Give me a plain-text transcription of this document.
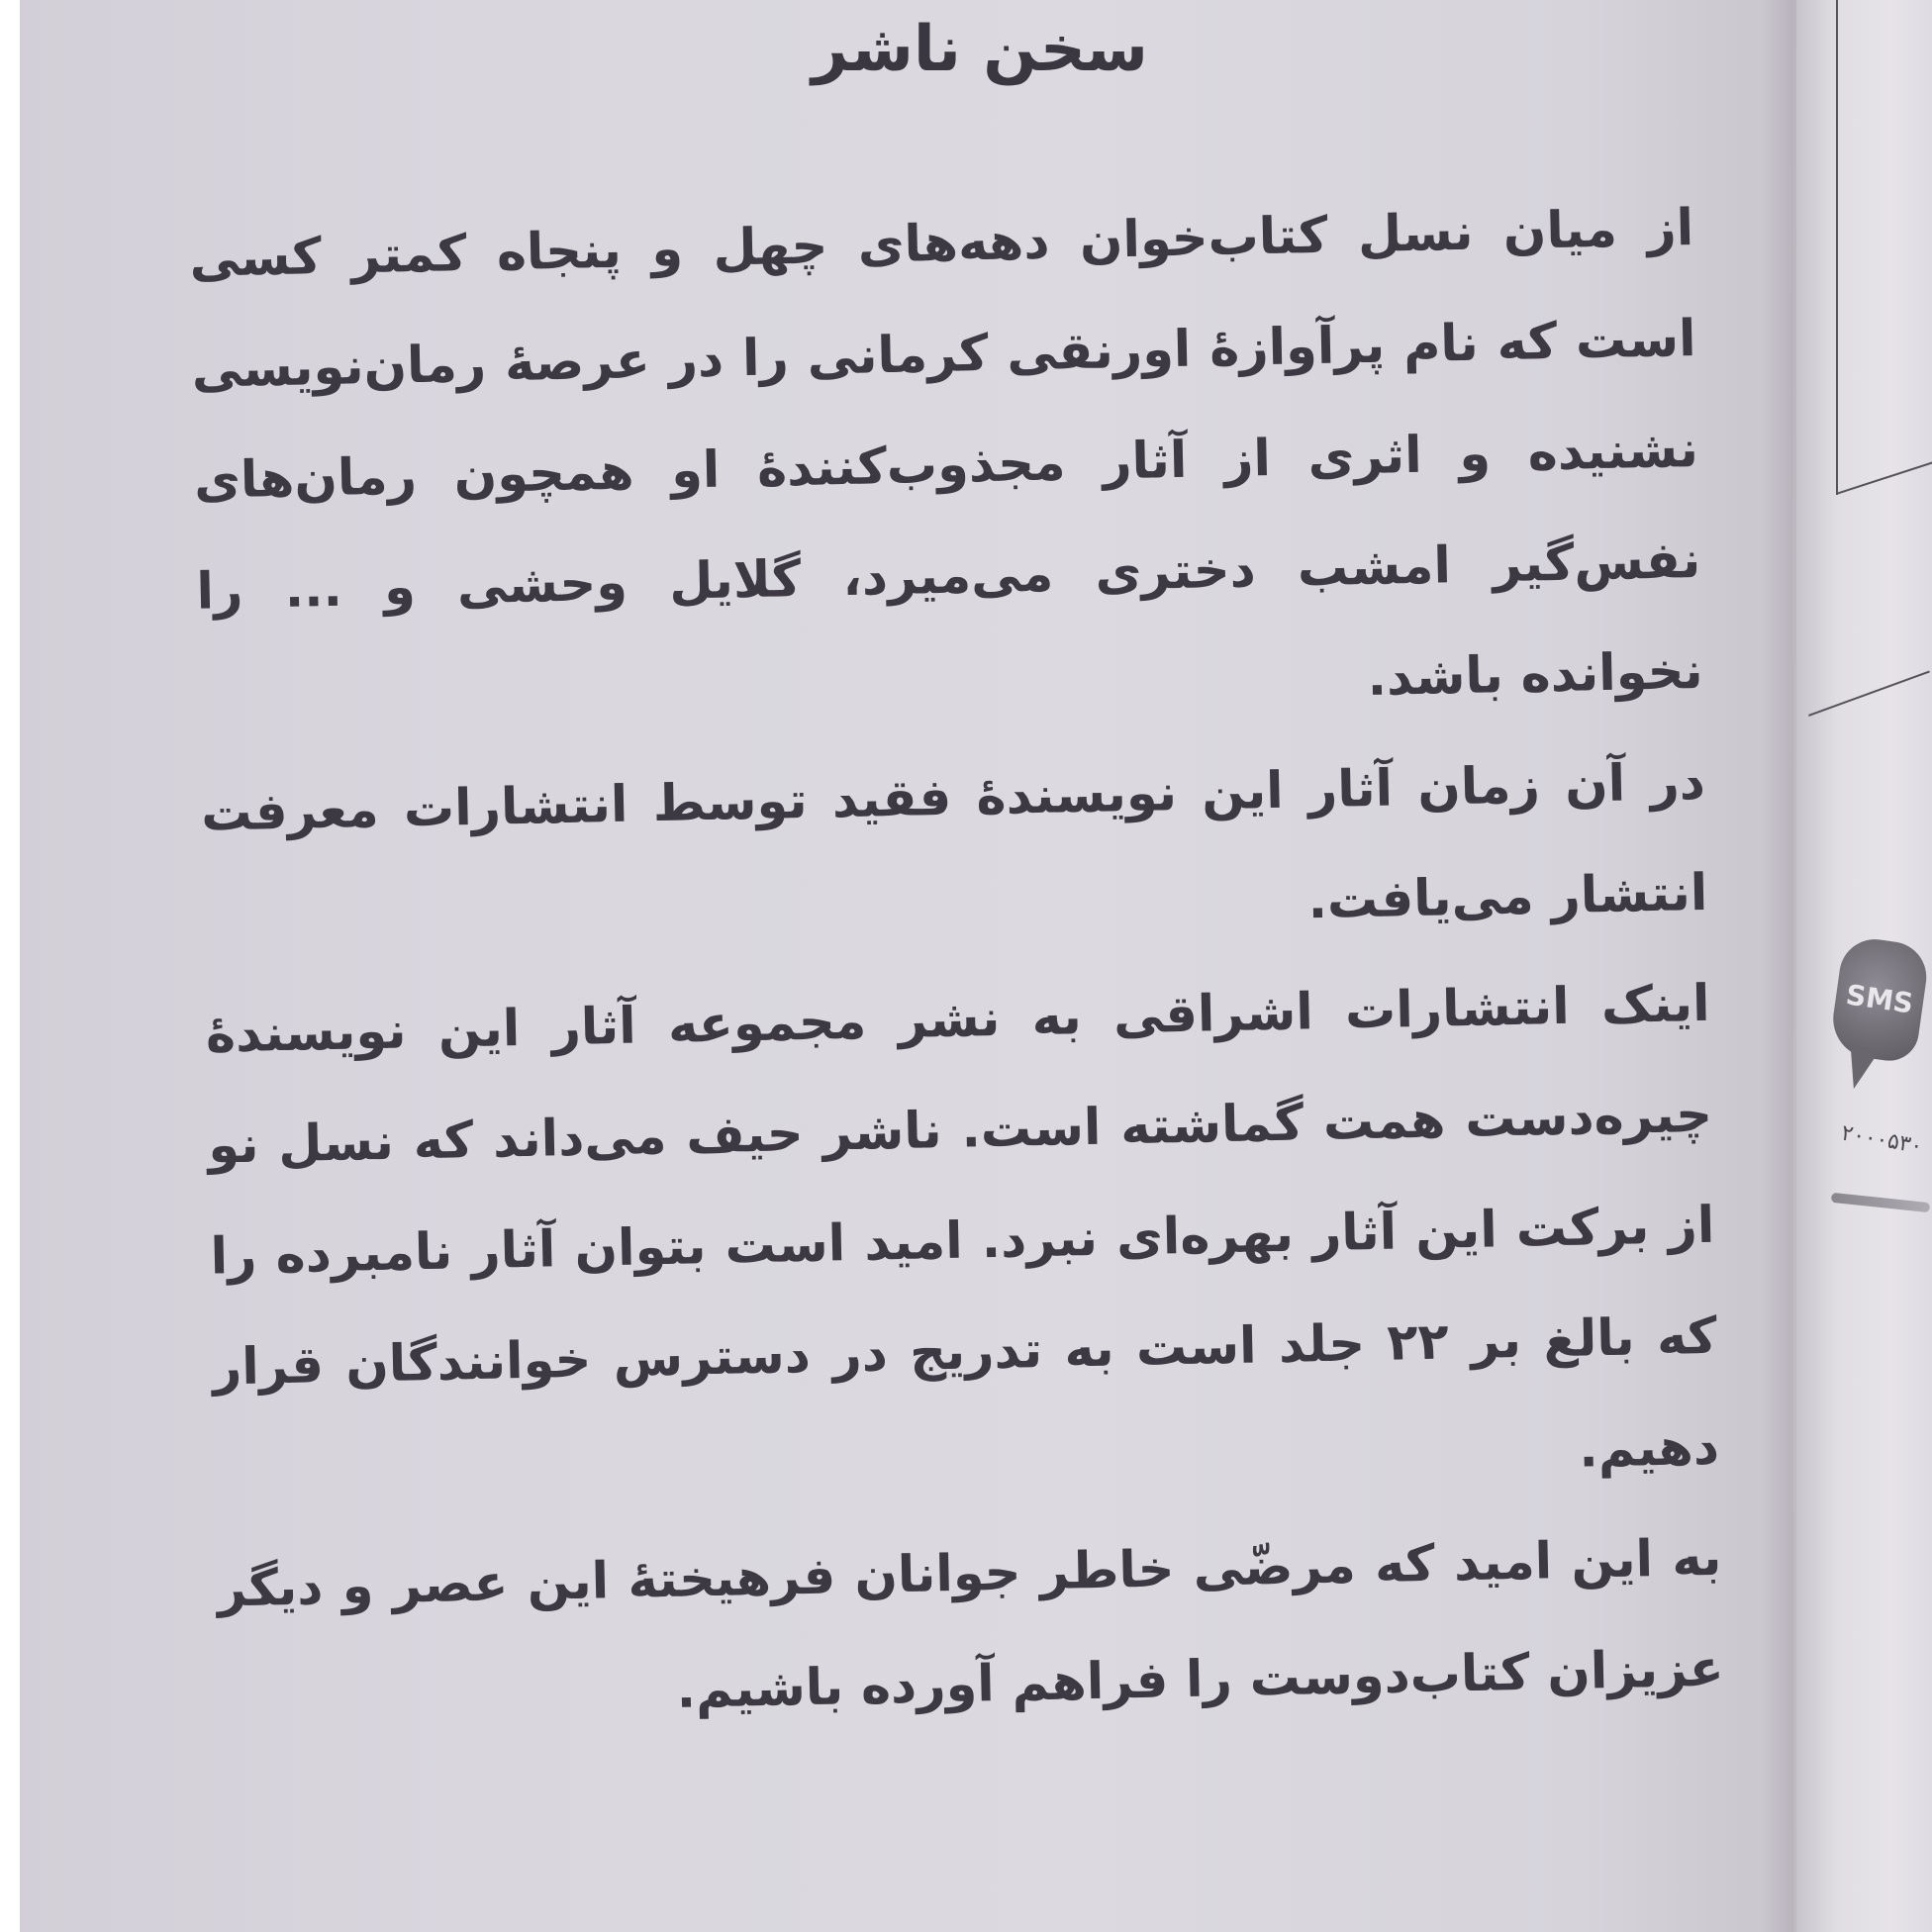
SMS
۲۰۰۰۵۳۰
سخن ناشر

از میان نسل کتاب‌خوان دهه‌های چهل و پنجاه کمتر کسی است که نام پرآوازهٔ اورنقی کرمانی را در عرصهٔ رمان‌نویسی نشنیده و اثری از آثار مجذوب‌کنندهٔ او همچون رمان‌های نفس‌گیر امشب دختری می‌میرد، گلایل وحشی و ... را نخوانده باشد.

در آن زمان آثار این نویسندهٔ فقید توسط انتشارات معرفت انتشار می‌یافت.

اینک انتشارات اشراقی به نشر مجموعه آثار این نویسندهٔ چیره‌دست همت گماشته است. ناشر حیف می‌داند که نسل نو از برکت این آثار بهره‌ای نبرد. امید است بتوان آثار نامبرده را که بالغ بر ۲۲ جلد است به تدریج در دسترس خوانندگان قرار دهیم.

به این امید که مرضّی خاطر جوانان فرهیختهٔ این عصر و دیگر عزیزان کتاب‌دوست را فراهم آورده باشیم.
